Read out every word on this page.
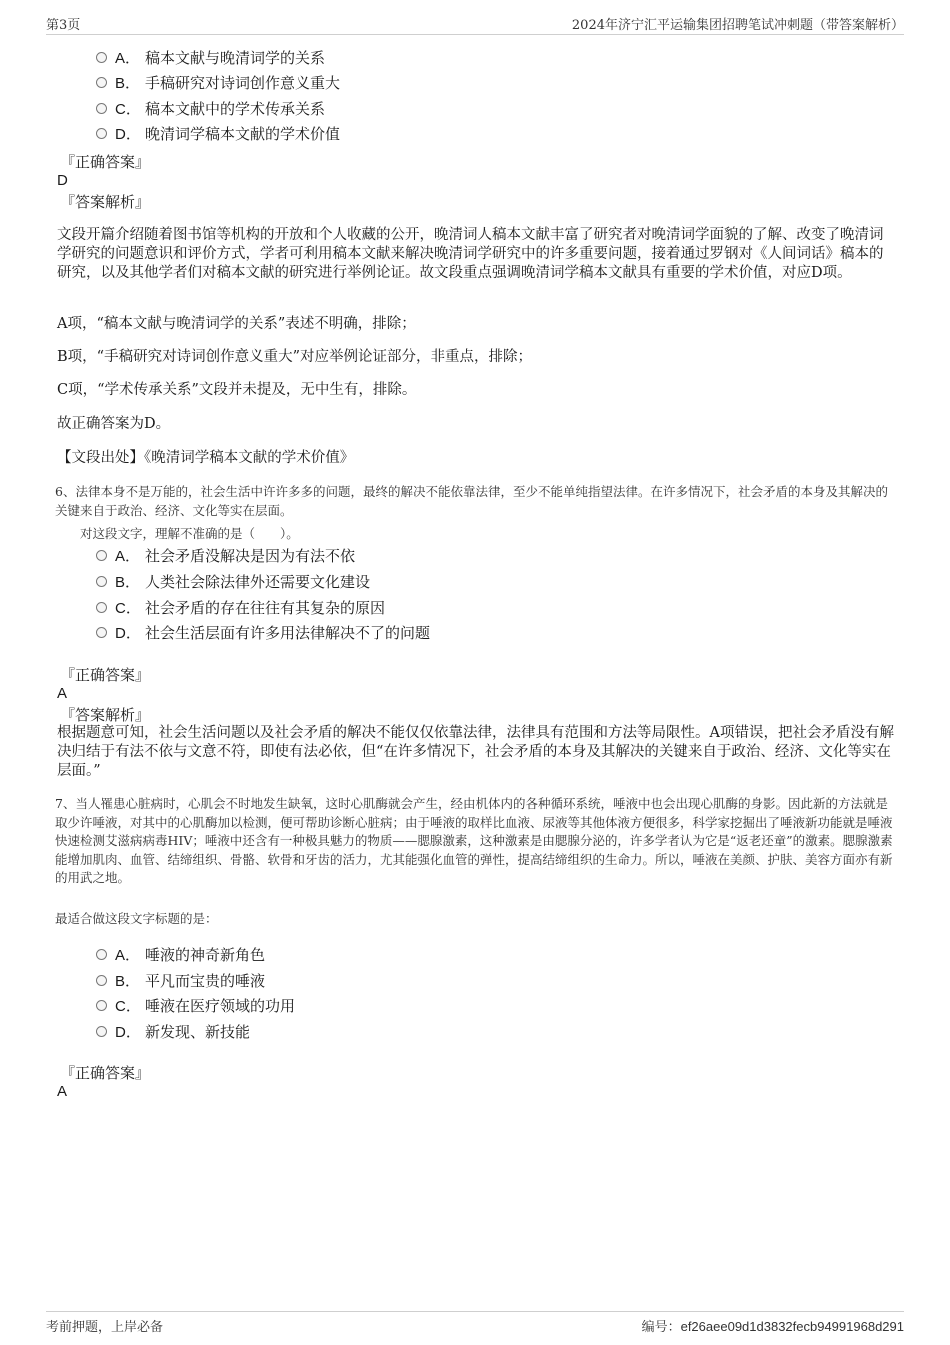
第3页	2024年济宁汇平运输集团招聘笔试冲刺题（带答案解析）
A． 稿本文献与晚清词学的关系
B． 手稿研究对诗词创作意义重大
C． 稿本文献中的学术传承关系
D． 晚清词学稿本文献的学术价值
『正确答案』
D
『答案解析』
文段开篇介绍随着图书馆等机构的开放和个人收藏的公开，晚清词人稿本文献丰富了研究者对晚清词学面貌的了解、改变了晚清词学研究的问题意识和评价方式，学者可利用稿本文献来解决晚清词学研究中的许多重要问题，接着通过罗钢对《人间词话》稿本的研究，以及其他学者们对稿本文献的研究进行举例论证。故文段重点强调晚清词学稿本文献具有重要的学术价值，对应D项。
A项，“稿本文献与晚清词学的关系”表述不明确，排除；
B项，“手稿研究对诗词创作意义重大”对应举例论证部分，非重点，排除；
C项，“学术传承关系”文段并未提及，无中生有，排除。
故正确答案为D。
【文段出处】《晚清词学稿本文献的学术价值》
6、法律本身不是万能的，社会生活中许许多多的问题，最终的解决不能依靠法律，至少不能单纯指望法律。在许多情况下，社会矛盾的本身及其解决的关键来自于政治、经济、文化等实在层面。
对这段文字，理解不准确的是（　　）。
A． 社会矛盾没解决是因为有法不依
B． 人类社会除法律外还需要文化建设
C． 社会矛盾的存在往往有其复杂的原因
D． 社会生活层面有许多用法律解决不了的问题
『正确答案』
A
『答案解析』
根据题意可知，社会生活问题以及社会矛盾的解决不能仅仅依靠法律，法律具有范围和方法等局限性。A项错误，把社会矛盾没有解决归结于有法不依与文意不符，即使有法必依，但“在许多情况下，社会矛盾的本身及其解决的关键来自于政治、经济、文化等实在层面。”
7、当人罹患心脏病时，心肌会不时地发生缺氧，这时心肌酶就会产生，经由机体内的各种循环系统，唾液中也会出现心肌酶的身影。因此新的方法就是取少许唾液，对其中的心肌酶加以检测，便可帮助诊断心脏病；由于唾液的取样比血液、尿液等其他体液方便很多，科学家挖掘出了唾液新功能就是唾液快速检测艾滋病病毒HIV；唾液中还含有一种极具魅力的物质——腮腺激素，这种激素是由腮腺分泌的，许多学者认为它是“返老还童”的激素。腮腺激素能增加肌肉、血管、结缔组织、骨骼、软骨和牙齿的活力，尤其能强化血管的弹性，提高结缔组织的生命力。所以，唾液在美颜、护肤、美容方面亦有新的用武之地。
最适合做这段文字标题的是：
A． 唾液的神奇新角色
B． 平凡而宝贵的唾液
C． 唾液在医疗领域的功用
D． 新发现、新技能
『正确答案』
A
考前押题，上岸必备	编号：ef26aee09d1d3832fecb94991968d291
